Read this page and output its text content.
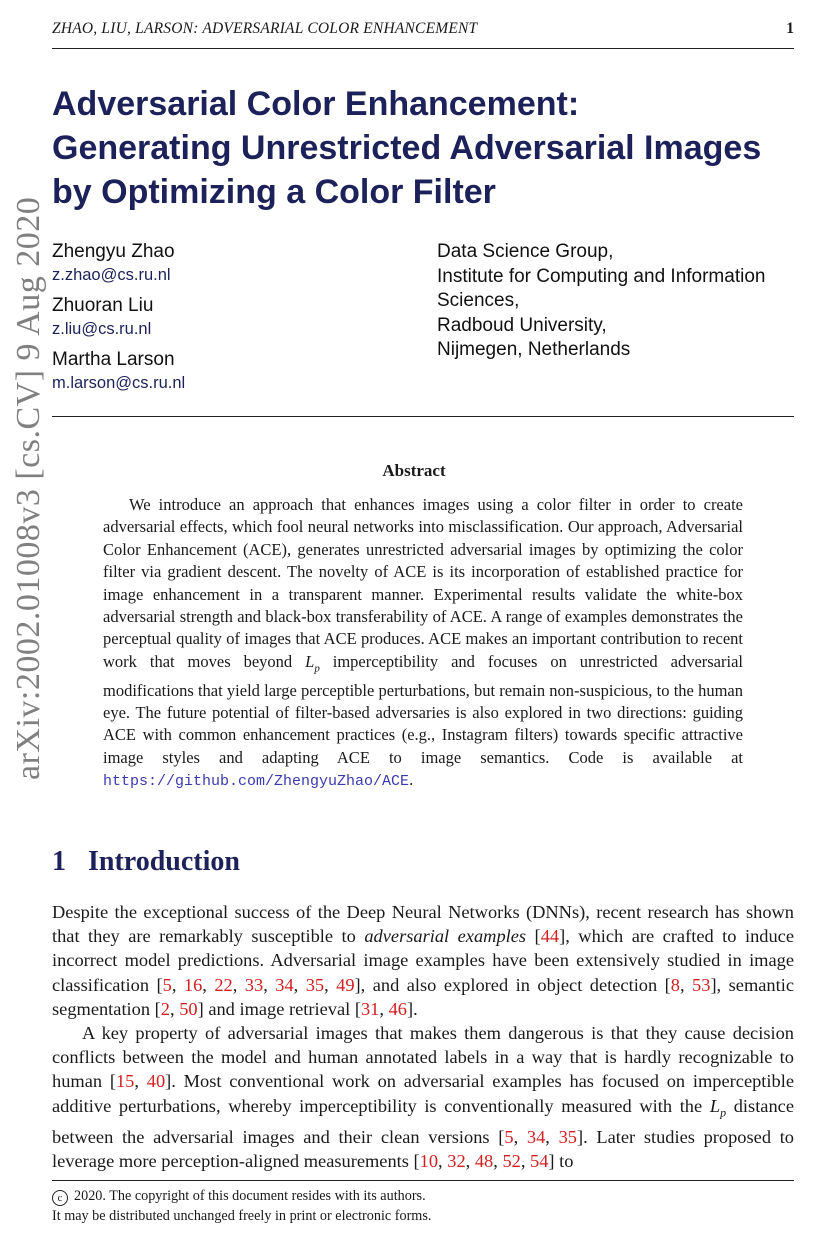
ZHAO, LIU, LARSON: ADVERSARIAL COLOR ENHANCEMENT	1
arXiv:2002.01008v3 [cs.CV] 9 Aug 2020
Adversarial Color Enhancement:
Generating Unrestricted Adversarial Images
by Optimizing a Color Filter
Zhengyu Zhao
z.zhao@cs.ru.nl
Zhuoran Liu
z.liu@cs.ru.nl
Martha Larson
m.larson@cs.ru.nl
Data Science Group,
Institute for Computing and Information
Sciences,
Radboud University,
Nijmegen, Netherlands
Abstract
We introduce an approach that enhances images using a color filter in order to create adversarial effects, which fool neural networks into misclassification. Our approach, Adversarial Color Enhancement (ACE), generates unrestricted adversarial images by optimizing the color filter via gradient descent. The novelty of ACE is its incorporation of established practice for image enhancement in a transparent manner. Experimental results validate the white-box adversarial strength and black-box transferability of ACE. A range of examples demonstrates the perceptual quality of images that ACE produces. ACE makes an important contribution to recent work that moves beyond $L_p$ imperceptibility and focuses on unrestricted adversarial modifications that yield large perceptible perturbations, but remain non-suspicious, to the human eye. The future potential of filter-based adversaries is also explored in two directions: guiding ACE with common enhancement practices (e.g., Instagram filters) towards specific attractive image styles and adapting ACE to image semantics. Code is available at https://github.com/ZhengyuZhao/ACE.
1 Introduction

Despite the exceptional success of the Deep Neural Networks (DNNs), recent research has shown that they are remarkably susceptible to adversarial examples [44], which are crafted to induce incorrect model predictions. Adversarial image examples have been extensively studied in image classification [5, 16, 22, 33, 34, 35, 49], and also explored in object detection [8, 53], semantic segmentation [2, 50] and image retrieval [31, 46].

A key property of adversarial images that makes them dangerous is that they cause decision conflicts between the model and human annotated labels in a way that is hardly recognizable to human [15, 40]. Most conventional work on adversarial examples has focused on imperceptible additive perturbations, whereby imperceptibility is conventionally measured with the $L_p$ distance between the adversarial images and their clean versions [5, 34, 35]. Later studies proposed to leverage more perception-aligned measurements [10, 32, 48, 52, 54] to

c 2020. The copyright of this document resides with its authors.
It may be distributed unchanged freely in print or electronic forms.
